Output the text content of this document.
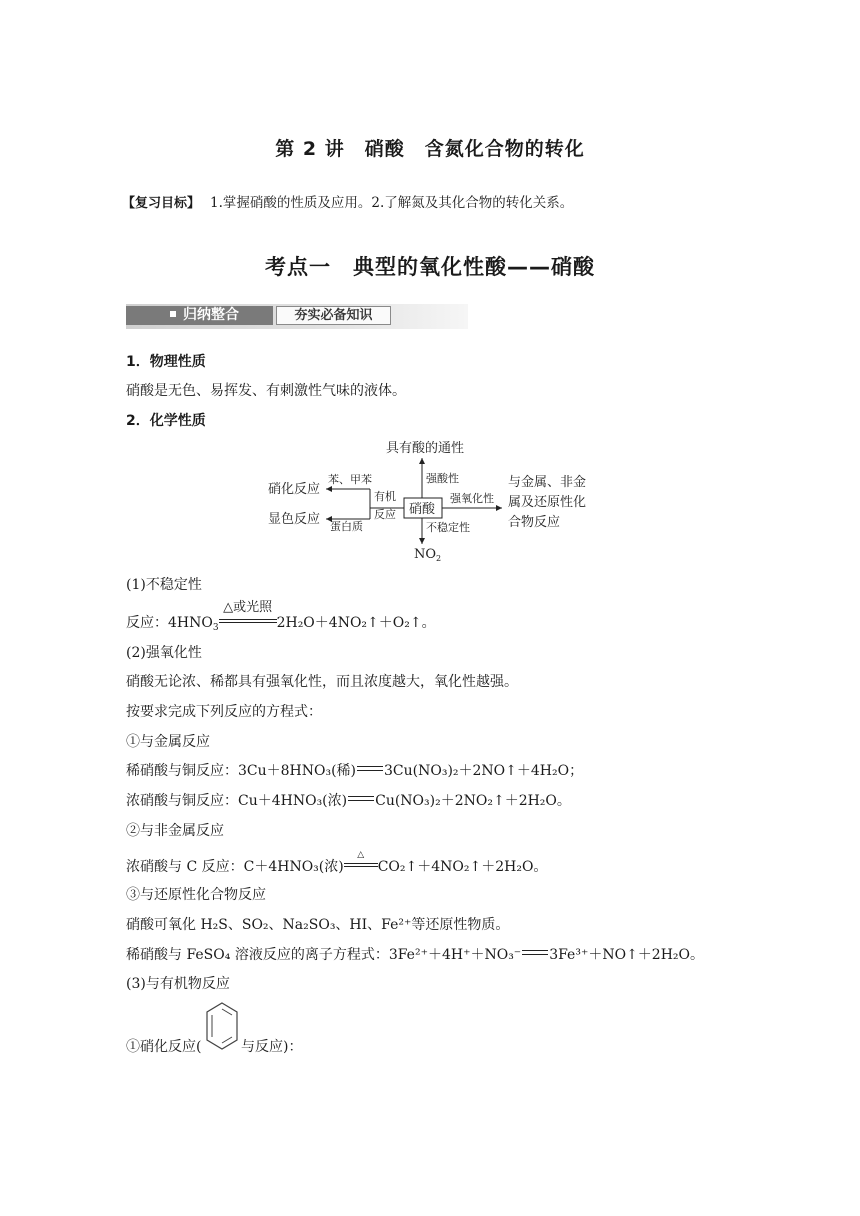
第 2 讲　硝酸　含氮化合物的转化
【复习目标】 1.掌握硝酸的性质及应用。2.了解氮及其化合物的转化关系。
考点一　典型的氧化性酸——硝酸
归纳整合	夯实必备知识
1．物理性质
硝酸是无色、易挥发、有刺激性气味的液体。
2．化学性质
具有酸的通性
强酸性
硝酸
强氧化性
与金属、非金
属及还原性化
合物反应
不稳定性
$NO_2$
有机
反应
苯、甲苯
蛋白质
硝化反应
显色反应
(1)不稳定性
反应：$4HNO_3$
△或光照
2H₂O＋4NO₂↑＋O₂↑。
(2)强氧化性
硝酸无论浓、稀都具有强氧化性，而且浓度越大，氧化性越强。
按要求完成下列反应的方程式：
①与金属反应
稀硝酸与铜反应：3Cu＋8HNO₃(稀) 3Cu(NO₃)₂＋2NO↑＋4H₂O；
浓硝酸与铜反应：Cu＋4HNO₃(浓) Cu(NO₃)₂＋2NO₂↑＋2H₂O。
②与非金属反应
浓硝酸与 C 反应：C＋4HNO₃(浓)
△
CO₂↑＋4NO₂↑＋2H₂O。
③与还原性化合物反应
硝酸可氧化 H₂S、SO₂、Na₂SO₃、HI、Fe²⁺等还原性物质。
稀硝酸与 FeSO₄ 溶液反应的离子方程式：3Fe²⁺＋4H⁺＋NO₃⁻ 3Fe³⁺＋NO↑＋2H₂O。
(3)与有机物反应
①硝化反应(	与反应)：
